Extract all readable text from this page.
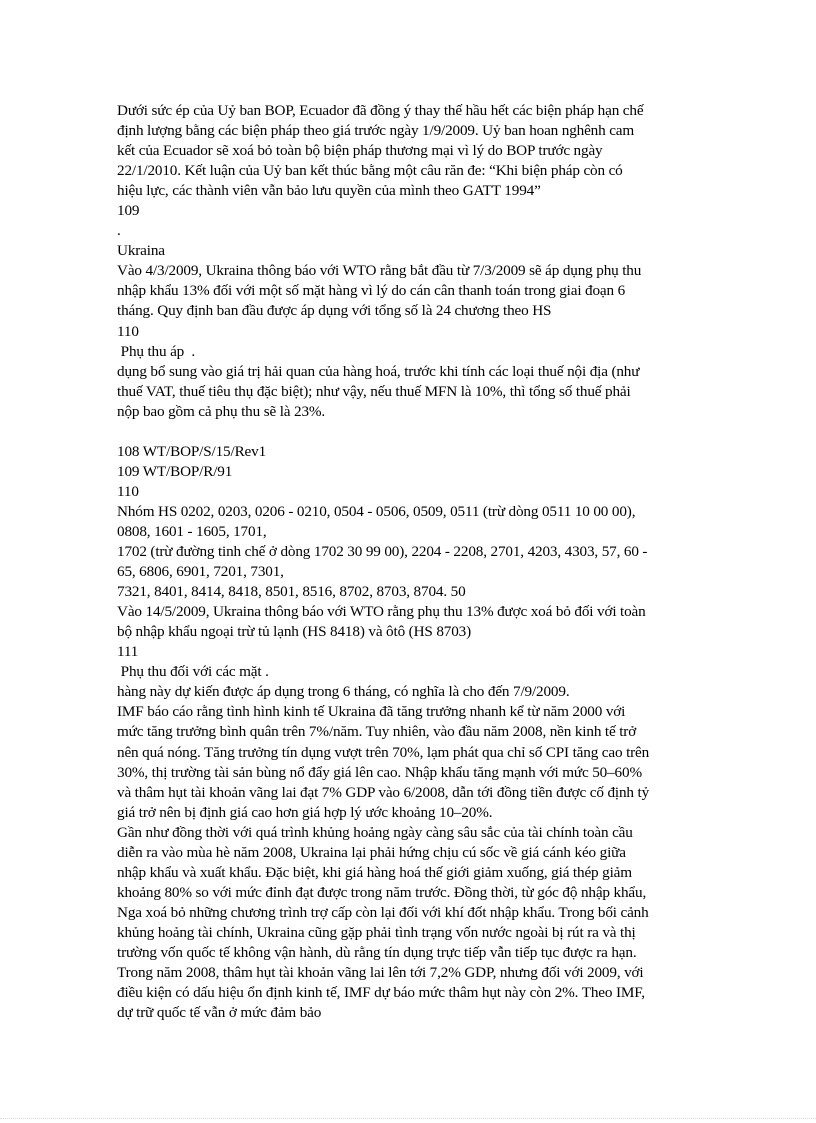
Dưới sức ép của Uỷ ban BOP, Ecuador đã đồng ý thay thế hầu hết các biện pháp hạn chế
định lượng bằng các biện pháp theo giá trước ngày 1/9/2009. Uỷ ban hoan nghênh cam
kết của Ecuador sẽ xoá bỏ toàn bộ biện pháp thương mại vì lý do BOP trước ngày
22/1/2010. Kết luận của Uỷ ban kết thúc bằng một câu răn đe: “Khi biện pháp còn có
hiệu lực, các thành viên vẫn bảo lưu quyền của mình theo GATT 1994”
109
.
Ukraina
Vào 4/3/2009, Ukraina thông báo với WTO rằng bắt đầu từ 7/3/2009 sẽ áp dụng phụ thu
nhập khẩu 13% đối với một số mặt hàng vì lý do cán cân thanh toán trong giai đoạn 6
tháng. Quy định ban đầu được áp dụng với tổng số là 24 chương theo HS
110
Phụ thu áp  .
dụng bổ sung vào giá trị hải quan của hàng hoá, trước khi tính các loại thuế nội địa (như
thuế VAT, thuế tiêu thụ đặc biệt); như vậy, nếu thuế MFN là 10%, thì tổng số thuế phải
nộp bao gồm cả phụ thu sẽ là 23%.
108 WT/BOP/S/15/Rev1
109 WT/BOP/R/91
110
Nhóm HS 0202, 0203, 0206 - 0210, 0504 - 0506, 0509, 0511 (trừ dòng 0511 10 00 00),
0808, 1601 - 1605, 1701,
1702 (trừ đường tinh chế ở dòng 1702 30 99 00), 2204 - 2208, 2701, 4203, 4303, 57, 60 -
65, 6806, 6901, 7201, 7301,
7321, 8401, 8414, 8418, 8501, 8516, 8702, 8703, 8704. 50
Vào 14/5/2009, Ukraina thông báo với WTO rằng phụ thu 13% được xoá bỏ đối với toàn
bộ nhập khẩu ngoại trừ tủ lạnh (HS 8418) và ôtô (HS 8703)
111
Phụ thu đối với các mặt .
hàng này dự kiến được áp dụng trong 6 tháng, có nghĩa là cho đến 7/9/2009.
IMF báo cáo rằng tình hình kinh tế Ukraina đã tăng trưởng nhanh kể từ năm 2000 với
mức tăng trưởng bình quân trên 7%/năm. Tuy nhiên, vào đầu năm 2008, nền kinh tế trở
nên quá nóng. Tăng trưởng tín dụng vượt trên 70%, lạm phát qua chỉ số CPI tăng cao trên
30%, thị trường tài sản bùng nổ đẩy giá lên cao. Nhập khẩu tăng mạnh với mức 50–60%
và thâm hụt tài khoản vãng lai đạt 7% GDP vào 6/2008, dẫn tới đồng tiền được cố định tỷ
giá trở nên bị định giá cao hơn giá hợp lý ước khoảng 10–20%.
Gần như đồng thời với quá trình khủng hoảng ngày càng sâu sắc của tài chính toàn cầu
diễn ra vào mùa hè năm 2008, Ukraina lại phải hứng chịu cú sốc về giá cánh kéo giữa
nhập khẩu và xuất khẩu. Đặc biệt, khi giá hàng hoá thế giới giảm xuống, giá thép giảm
khoảng 80% so với mức đỉnh đạt được trong năm trước. Đồng thời, từ góc độ nhập khẩu,
Nga xoá bỏ những chương trình trợ cấp còn lại đối với khí đốt nhập khẩu. Trong bối cảnh
khủng hoảng tài chính, Ukraina cũng gặp phải tình trạng vốn nước ngoài bị rút ra và thị
trường vốn quốc tế không vận hành, dù rằng tín dụng trực tiếp vẫn tiếp tục được ra hạn.
Trong năm 2008, thâm hụt tài khoản vãng lai lên tới 7,2% GDP, nhưng đối với 2009, với
điều kiện có dấu hiệu ổn định kinh tế, IMF dự báo mức thâm hụt này còn 2%. Theo IMF,
dự trữ quốc tế vẫn ở mức đảm bảo
